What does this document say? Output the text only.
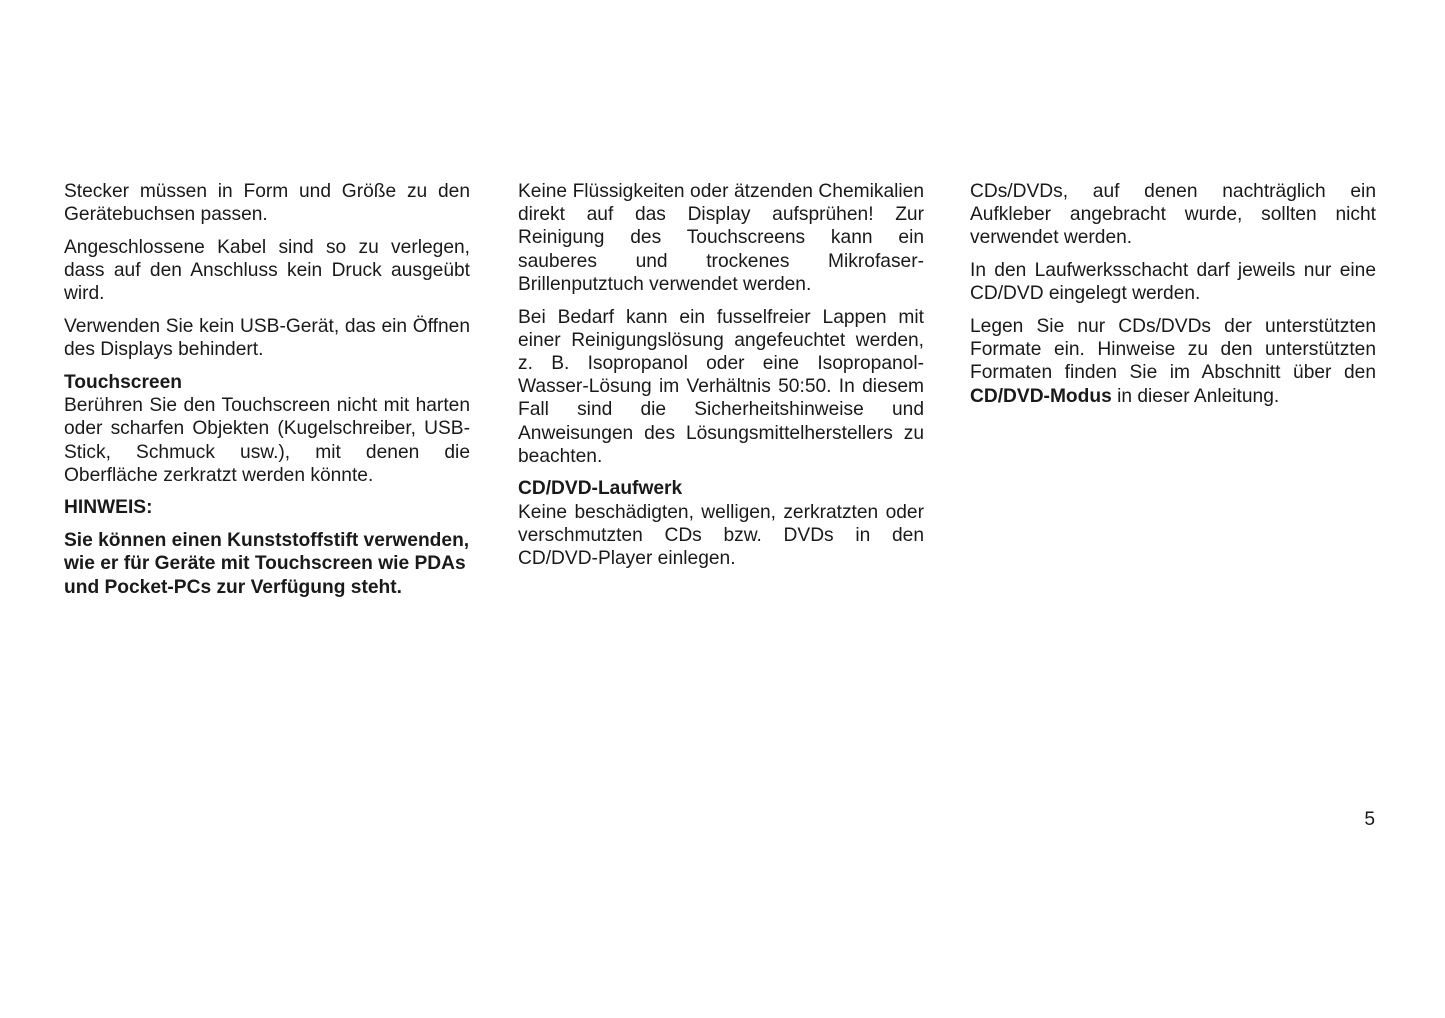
Stecker müssen in Form und Größe zu den Gerätebuchsen passen.

Angeschlossene Kabel sind so zu verlegen, dass auf den Anschluss kein Druck ausgeübt wird.

Verwenden Sie kein USB-Gerät, das ein Öffnen des Displays behindert.

Touchscreen

Berühren Sie den Touchscreen nicht mit harten oder scharfen Objekten (Kugelschreiber, USB-Stick, Schmuck usw.), mit denen die Oberfläche zerkratzt werden könnte.

HINWEIS:
Sie können einen Kunststoffstift verwenden, wie er für Geräte mit Touchscreen wie PDAs und Pocket-PCs zur Verfügung steht.

Keine Flüssigkeiten oder ätzenden Chemikalien direkt auf das Display aufsprühen! Zur Reinigung des Touchscreens kann ein sauberes und trockenes Mikrofaser-Brillenputztuch verwendet werden.

Bei Bedarf kann ein fusselfreier Lappen mit einer Reinigungslösung angefeuchtet werden, z. B. Isopropanol oder eine Isopropanol-Wasser-Lösung im Verhältnis 50:50. In diesem Fall sind die Sicherheitshinweise und Anweisungen des Lösungsmittelherstellers zu beachten.

CD/DVD-Laufwerk

Keine beschädigten, welligen, zerkratzten oder verschmutzten CDs bzw. DVDs in den CD/DVD-Player einlegen.

CDs/DVDs, auf denen nachträglich ein Aufkleber angebracht wurde, sollten nicht verwendet werden.

In den Laufwerksschacht darf jeweils nur eine CD/DVD eingelegt werden.

Legen Sie nur CDs/DVDs der unterstützten Formate ein. Hinweise zu den unterstützten Formaten finden Sie im Abschnitt über den CD/DVD-Modus in dieser Anleitung.

5
